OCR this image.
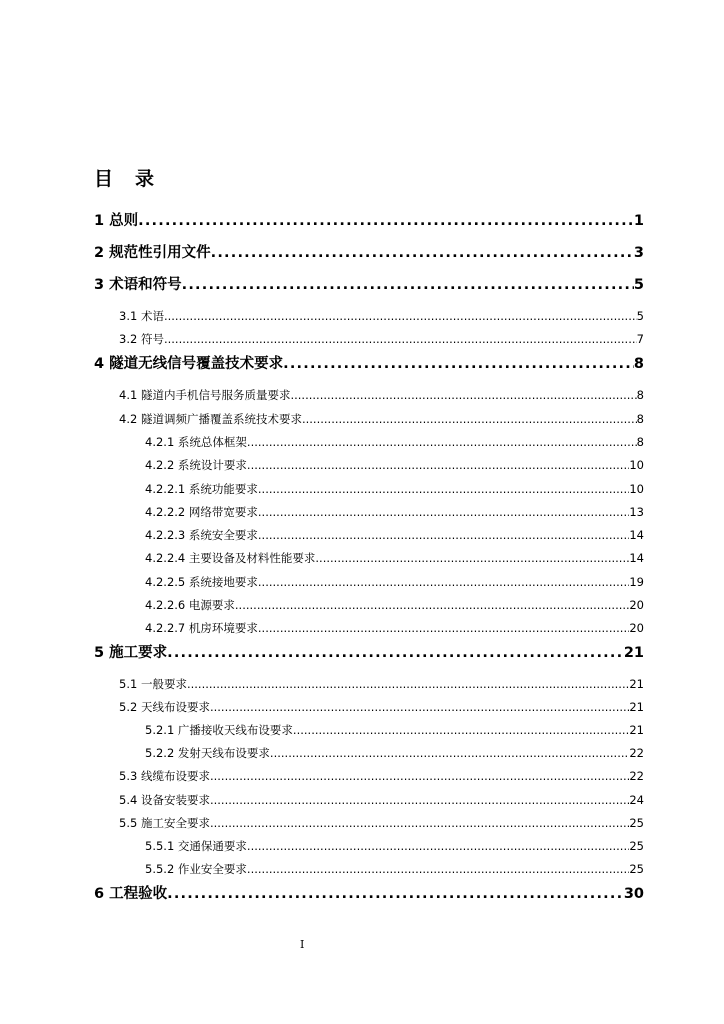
目 录
1 总则 .....	1
2 规范性引用文件 .....	3
3 术语和符号 .....	5
3.1 术语 .....	5
3.2 符号 .....	7
4 隧道无线信号覆盖技术要求 .....	8
4.1 隧道内手机信号服务质量要求 .....	8
4.2 隧道调频广播覆盖系统技术要求 .....	8
4.2.1 系统总体框架 .....	8
4.2.2 系统设计要求 .....	10
4.2.2.1 系统功能要求 .....	10
4.2.2.2 网络带宽要求 .....	13
4.2.2.3 系统安全要求 .....	14
4.2.2.4 主要设备及材料性能要求 .....	14
4.2.2.5 系统接地要求 .....	19
4.2.2.6 电源要求 .....	20
4.2.2.7 机房环境要求 .....	20
5 施工要求 .....	21
5.1 一般要求 .....	21
5.2 天线布设要求 .....	21
5.2.1 广播接收天线布设要求 .....	21
5.2.2 发射天线布设要求 .....	22
5.3 线缆布设要求 .....	22
5.4 设备安装要求 .....	24
5.5 施工安全要求 .....	25
5.5.1 交通保通要求 .....	25
5.5.2 作业安全要求 .....	25
6 工程验收 .....	30
I
